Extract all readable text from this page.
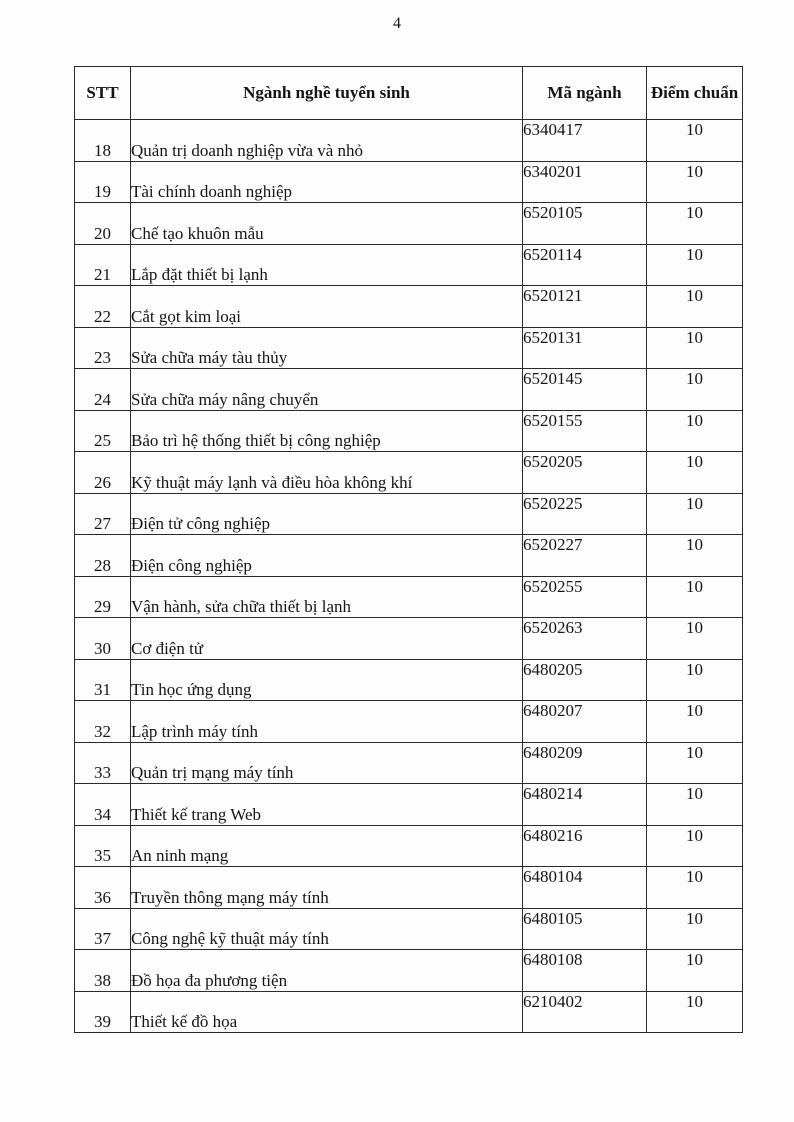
4
STT	Ngành nghề tuyển sinh	Mã ngành	Điểm chuẩn
18	Quản trị doanh nghiệp vừa và nhỏ	6340417	10
19	Tài chính doanh nghiệp	6340201	10
20	Chế tạo khuôn mẫu	6520105	10
21	Lắp đặt thiết bị lạnh	6520114	10
22	Cắt gọt kim loại	6520121	10
23	Sửa chữa máy tàu thủy	6520131	10
24	Sửa chữa máy nâng chuyển	6520145	10
25	Bảo trì hệ thống thiết bị công nghiệp	6520155	10
26	Kỹ thuật máy lạnh và điều hòa không khí	6520205	10
27	Điện tử công nghiệp	6520225	10
28	Điện công nghiệp	6520227	10
29	Vận hành, sửa chữa thiết bị lạnh	6520255	10
30	Cơ điện tử	6520263	10
31	Tin học ứng dụng	6480205	10
32	Lập trình máy tính	6480207	10
33	Quản trị mạng máy tính	6480209	10
34	Thiết kế trang Web	6480214	10
35	An ninh mạng	6480216	10
36	Truyền thông mạng máy tính	6480104	10
37	Công nghệ kỹ thuật máy tính	6480105	10
38	Đồ họa đa phương tiện	6480108	10
39	Thiết kế đồ họa	6210402	10
